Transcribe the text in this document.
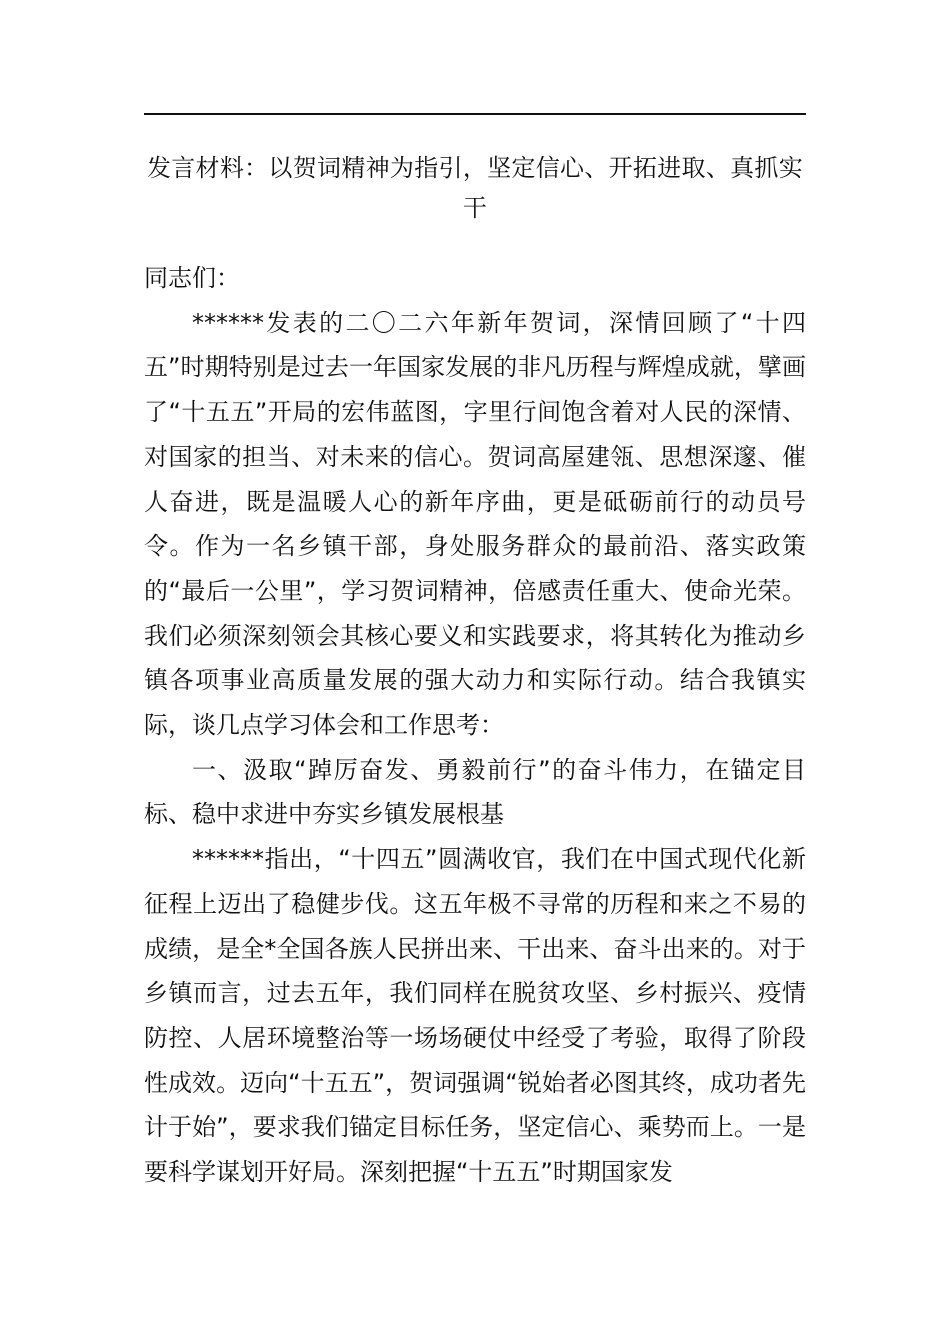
发言材料：以贺词精神为指引，坚定信心、开拓进取、真抓实干

同志们：

******发表的二〇二六年新年贺词，深情回顾了“十四五”时期特别是过去一年国家发展的非凡历程与辉煌成就，擘画了“十五五”开局的宏伟蓝图，字里行间饱含着对人民的深情、对国家的担当、对未来的信心。贺词高屋建瓴、思想深邃、催人奋进，既是温暖人心的新年序曲，更是砥砺前行的动员号令。作为一名乡镇干部，身处服务群众的最前沿、落实政策的“最后一公里”，学习贺词精神，倍感责任重大、使命光荣。我们必须深刻领会其核心要义和实践要求，将其转化为推动乡镇各项事业高质量发展的强大动力和实际行动。结合我镇实际，谈几点学习体会和工作思考：

一、汲取“踔厉奋发、勇毅前行”的奋斗伟力，在锚定目标、稳中求进中夯实乡镇发展根基

******指出，“十四五”圆满收官，我们在中国式现代化新征程上迈出了稳健步伐。这五年极不寻常的历程和来之不易的成绩，是全*全国各族人民拼出来、干出来、奋斗出来的。对于乡镇而言，过去五年，我们同样在脱贫攻坚、乡村振兴、疫情防控、人居环境整治等一场场硬仗中经受了考验，取得了阶段性成效。迈向“十五五”，贺词强调“锐始者必图其终，成功者先计于始”，要求我们锚定目标任务，坚定信心、乘势而上。一是要科学谋划开好局。深刻把握“十五五”时期国家发
